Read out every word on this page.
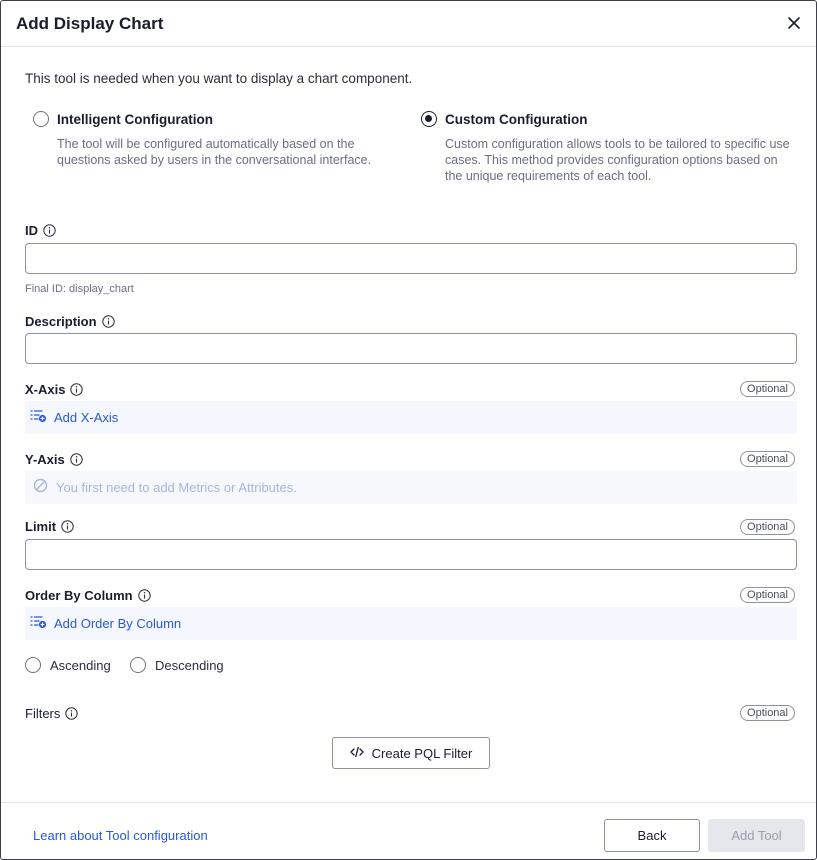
Add Display Chart
This tool is needed when you want to display a chart component.
Intelligent Configuration
The tool will be configured automatically based on the questions asked by users in the conversational interface.
Custom Configuration
Custom configuration allows tools to be tailored to specific use cases. This method provides configuration options based on the unique requirements of each tool.
ID
Final ID: display_chart
Description
X-Axis	Optional
Add X-Axis
Y-Axis	Optional
You first need to add Metrics or Attributes.
Limit	Optional
Order By Column	Optional
Add Order By Column
Ascending	Descending
Filters	Optional
Create PQL Filter
Learn about Tool configuration	Back	Add Tool
